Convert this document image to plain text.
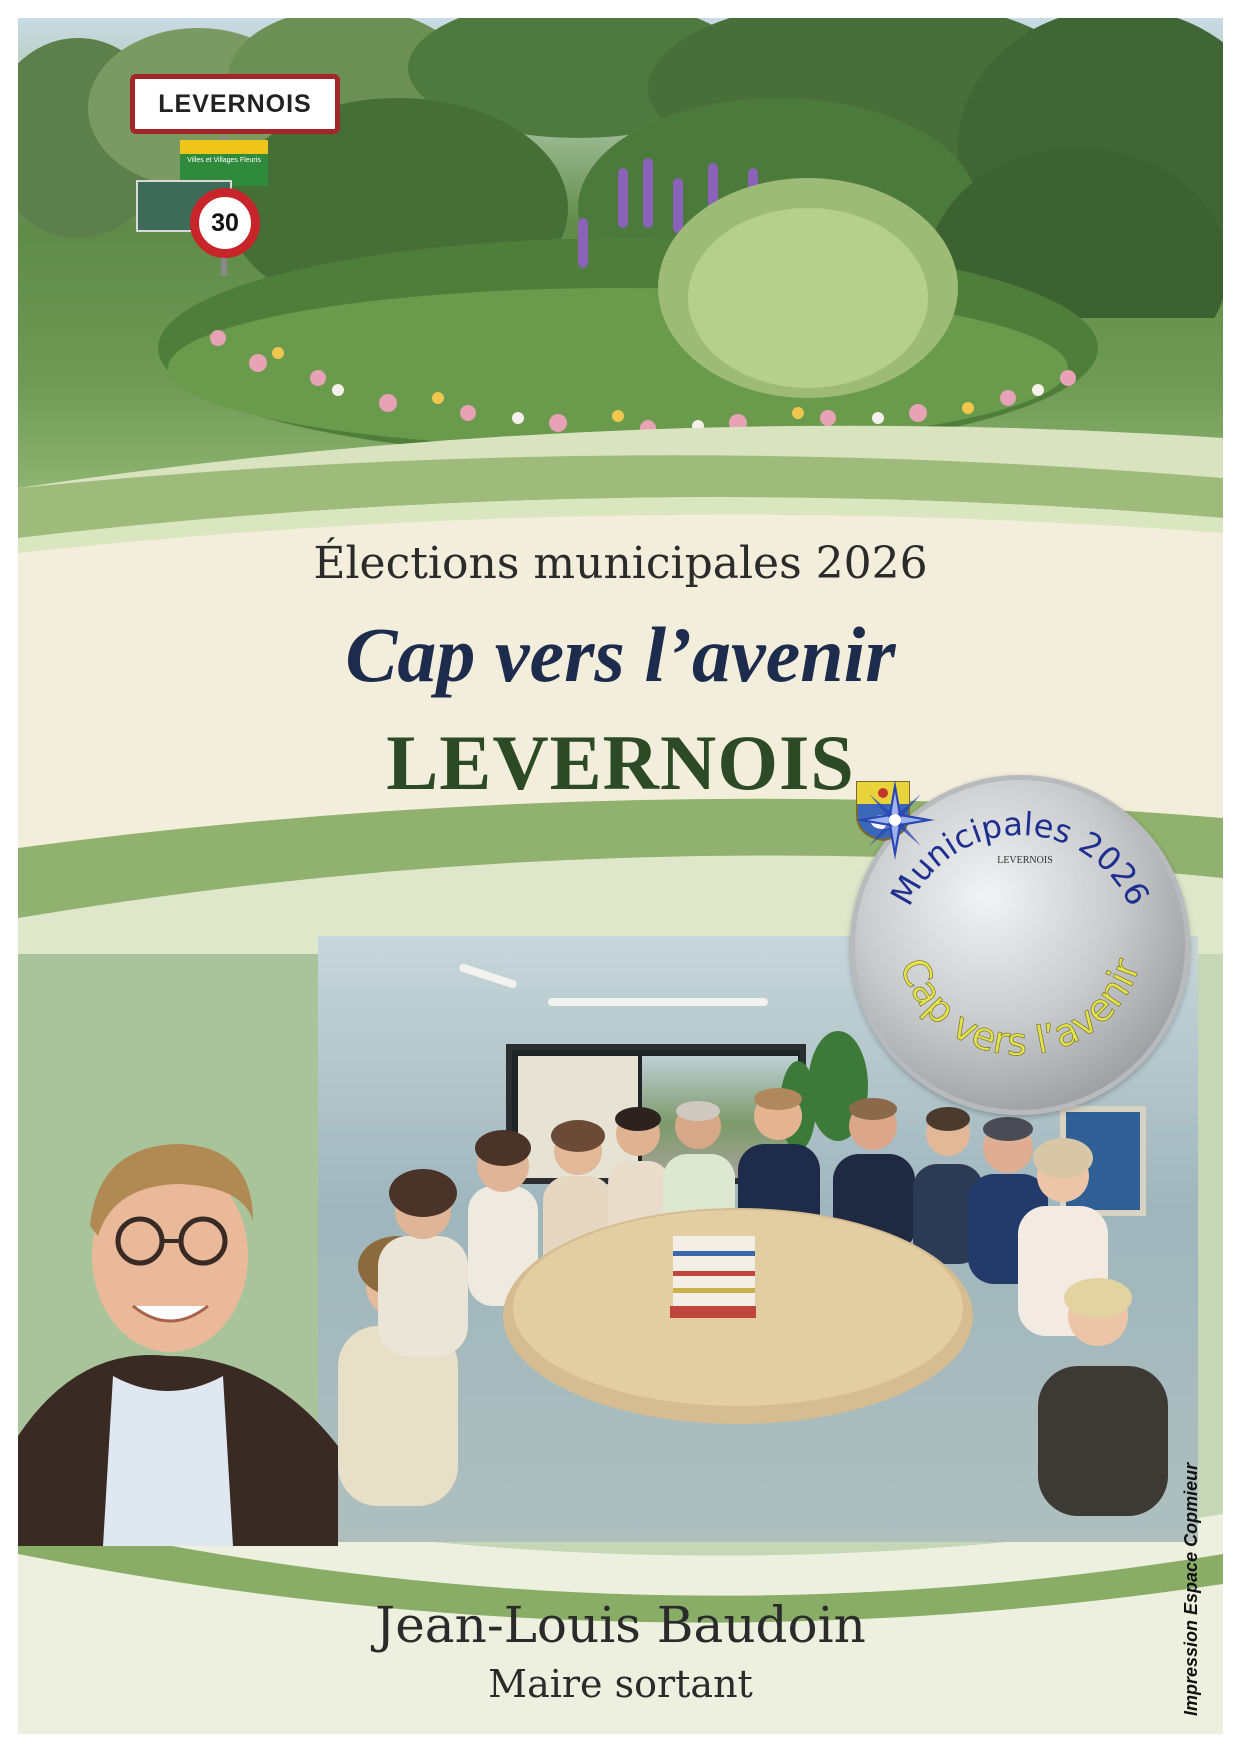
LEVERNOIS
Villes et Villages Fleuris
30
Élections municipales 2026
Cap vers l’avenir
LEVERNOIS
Municipales 2026
Cap vers l’avenir
LEVERNOIS
Jean-Louis Baudoin
Maire sortant	Impression Espace Copmieur
